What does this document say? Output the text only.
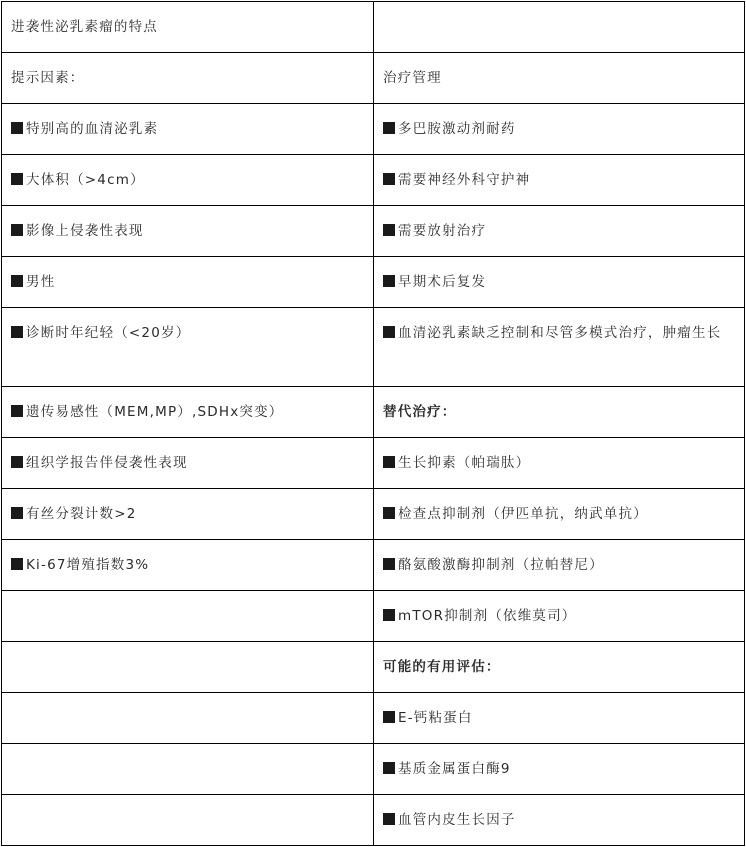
进袭性泌乳素瘤的特点	

提示因素：	治疗管理

特别高的血清泌乳素	多巴胺激动剂耐药

大体积（>4cm）	需要神经外科守护神

影像上侵袭性表现	需要放射治疗

男性	早期术后复发

诊断时年纪轻（<20岁）	血清泌乳素缺乏控制和尽管多模式治疗，肿瘤生长

遗传易感性（MEM,MP）,SDHx突变）	替代治疗：

组织学报告伴侵袭性表现	生长抑素（帕瑞肽）

有丝分裂计数>2	检查点抑制剂（伊匹单抗，纳武单抗）

Ki-67增殖指数3%	酪氨酸激酶抑制剂（拉帕替尼）

	mTOR抑制剂（依维莫司）

	可能的有用评估：

	E-钙粘蛋白

	基质金属蛋白酶9

	血管内皮生长因子
